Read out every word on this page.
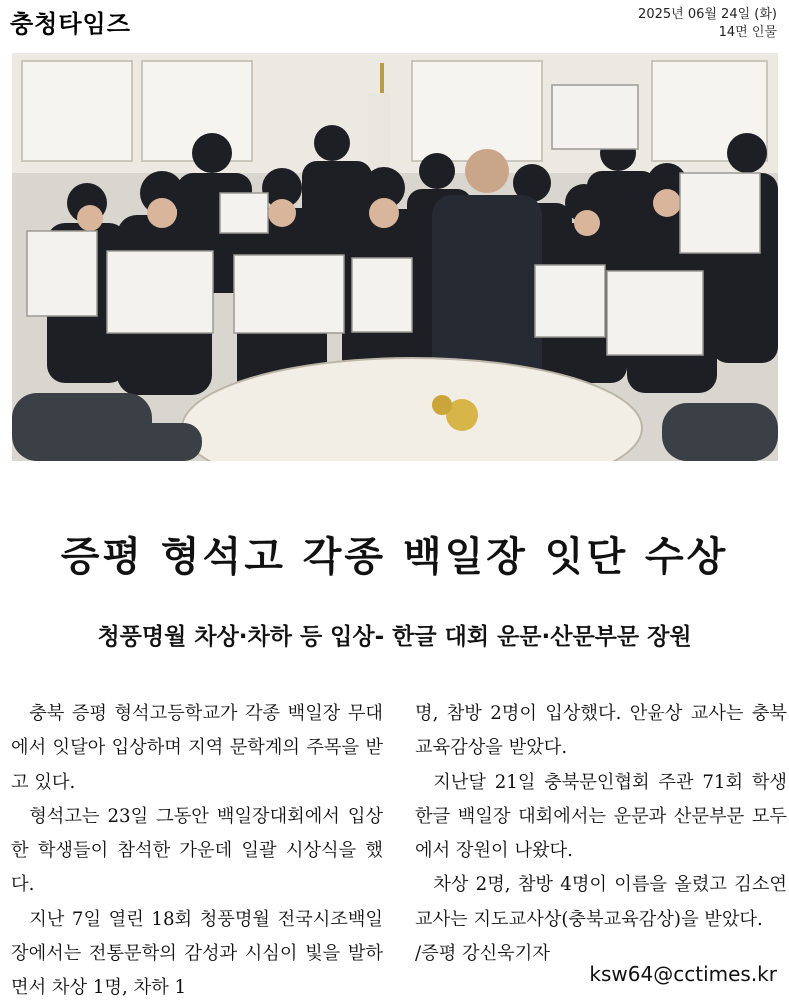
충청타임즈	2025년 06월 24일 (화)
14면 인물
증평 형석고 각종 백일장 잇단 수상
청풍명월 차상·차하 등 입상- 한글 대회 운문·산문부문 장원

충북 증평 형석고등학교가 각종 백일장 무대에서 잇달아 입상하며 지역 문학계의 주목을 받고 있다.

형석고는 23일 그동안 백일장대회에서 입상한 학생들이 참석한 가운데 일괄 시상식을 했다.

지난 7일 열린 18회 청풍명월 전국시조백일장에서는 전통문학의 감성과 시심이 빛을 발하면서 차상 1명, 차하 1

명, 참방 2명이 입상했다. 안윤상 교사는 충북교육감상을 받았다.

지난달 21일 충북문인협회 주관 71회 학생 한글 백일장 대회에서는 운문과 산문부문 모두에서 장원이 나왔다.

차상 2명, 참방 4명이 이름을 올렸고 김소연 교사는 지도교사상(충북교육감상)을 받았다.

/증평 강신욱기자

ksw64@cctimes.kr
